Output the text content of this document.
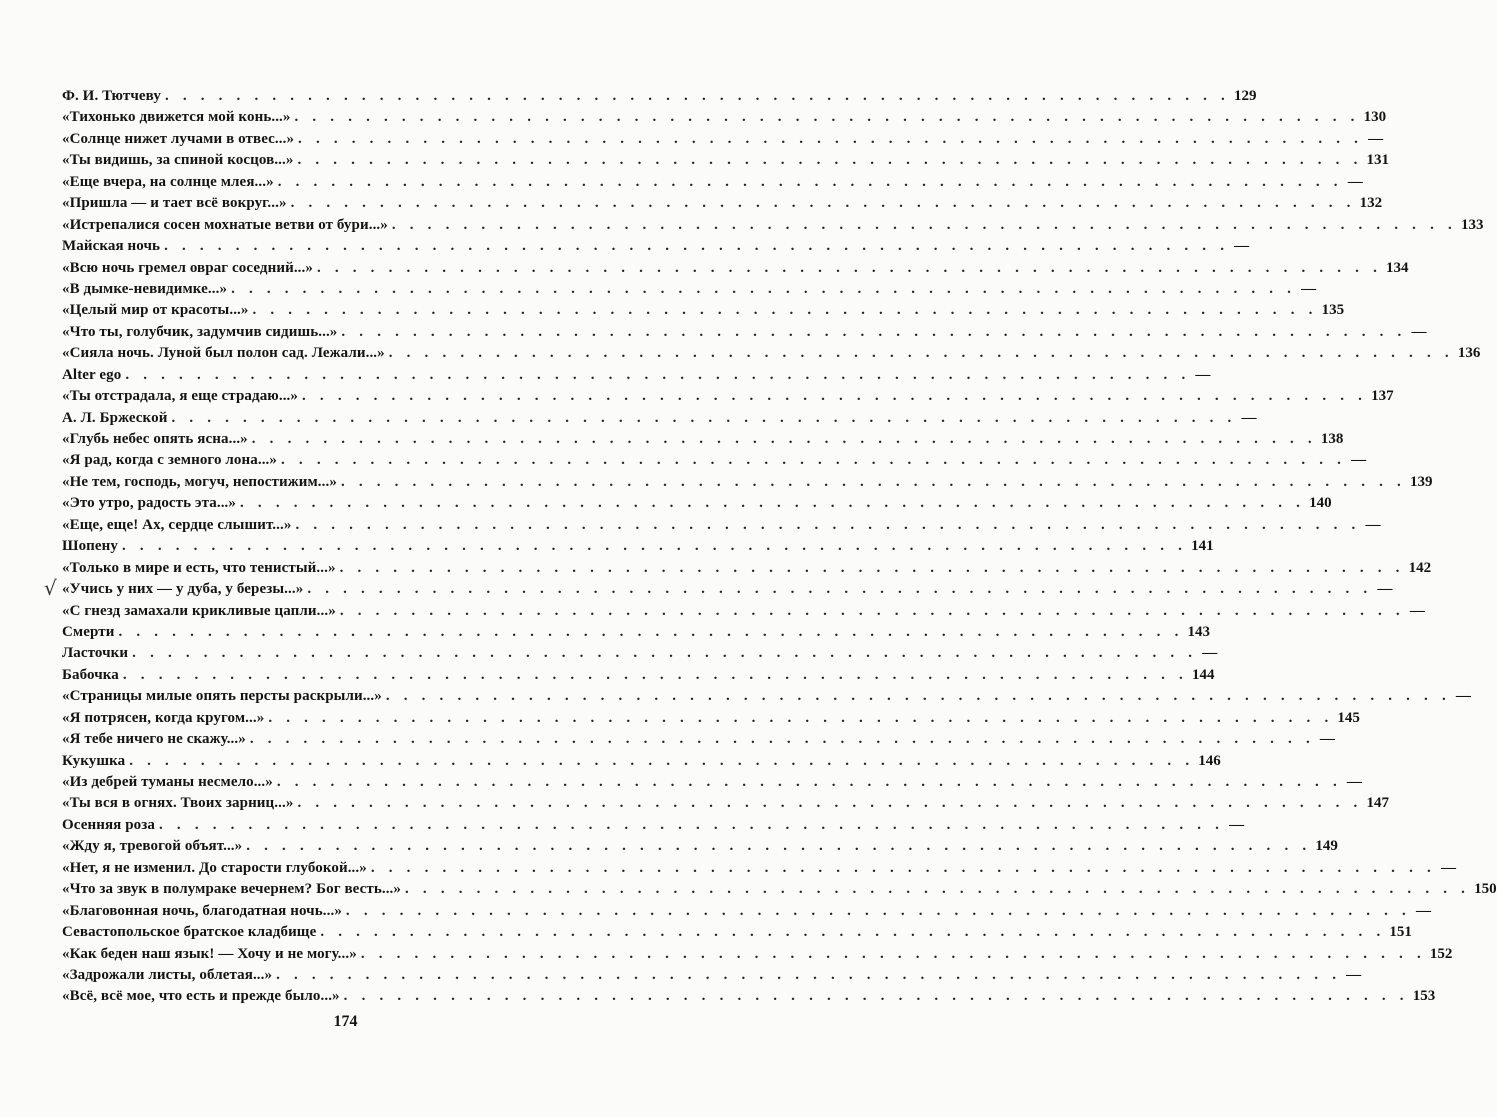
Ф. И. Тютчеву . . . . . . . . . . . . . . . . . . . . . . . . . . . . . . . . . . . . . . . . . . . . . . . . . . . . . . . . . . . . 129
«Тихонько движется мой конь...» . . . . . . . . . . . . . . . . . . . . . . . . . . . . . . . . . . . . . . . . . . . . . . . . . . . . . . . . . . . . 130
«Солнце нижет лучами в отвес...» . . . . . . . . . . . . . . . . . . . . . . . . . . . . . . . . . . . . . . . . . . . . . . . . . . . . . . . . . . . . —
«Ты видишь, за спиной косцов...» . . . . . . . . . . . . . . . . . . . . . . . . . . . . . . . . . . . . . . . . . . . . . . . . . . . . . . . . . . . . 131
«Еще вчера, на солнце млея...» . . . . . . . . . . . . . . . . . . . . . . . . . . . . . . . . . . . . . . . . . . . . . . . . . . . . . . . . . . . . —
«Пришла — и тает всё вокруг...» . . . . . . . . . . . . . . . . . . . . . . . . . . . . . . . . . . . . . . . . . . . . . . . . . . . . . . . . . . . . 132
«Истрепалися сосен мохнатые ветви от бури...» . . . . . . . . . . . . . . . . . . . . . . . . . . . . . . . . . . . . . . . . . . . . . . . . . . . . . . . . . . . . 133
Майская ночь . . . . . . . . . . . . . . . . . . . . . . . . . . . . . . . . . . . . . . . . . . . . . . . . . . . . . . . . . . . . —
«Всю ночь гремел овраг соседний...» . . . . . . . . . . . . . . . . . . . . . . . . . . . . . . . . . . . . . . . . . . . . . . . . . . . . . . . . . . . . 134
«В дымке-невидимке...» . . . . . . . . . . . . . . . . . . . . . . . . . . . . . . . . . . . . . . . . . . . . . . . . . . . . . . . . . . . . —
«Целый мир от красоты...» . . . . . . . . . . . . . . . . . . . . . . . . . . . . . . . . . . . . . . . . . . . . . . . . . . . . . . . . . . . . 135
«Что ты, голубчик, задумчив сидишь...» . . . . . . . . . . . . . . . . . . . . . . . . . . . . . . . . . . . . . . . . . . . . . . . . . . . . . . . . . . . . —
«Сияла ночь. Луной был полон сад. Лежали...» . . . . . . . . . . . . . . . . . . . . . . . . . . . . . . . . . . . . . . . . . . . . . . . . . . . . . . . . . . . . 136
Alter ego . . . . . . . . . . . . . . . . . . . . . . . . . . . . . . . . . . . . . . . . . . . . . . . . . . . . . . . . . . . . —
«Ты отстрадала, я еще страдаю...» . . . . . . . . . . . . . . . . . . . . . . . . . . . . . . . . . . . . . . . . . . . . . . . . . . . . . . . . . . . . 137
А. Л. Бржеской . . . . . . . . . . . . . . . . . . . . . . . . . . . . . . . . . . . . . . . . . . . . . . . . . . . . . . . . . . . . —
«Глубь небес опять ясна...» . . . . . . . . . . . . . . . . . . . . . . . . . . . . . . . . . . . . . . . . . . . . . . . . . . . . . . . . . . . . 138
«Я рад, когда с земного лона...» . . . . . . . . . . . . . . . . . . . . . . . . . . . . . . . . . . . . . . . . . . . . . . . . . . . . . . . . . . . . —
«Не тем, господь, могуч, непостижим...» . . . . . . . . . . . . . . . . . . . . . . . . . . . . . . . . . . . . . . . . . . . . . . . . . . . . . . . . . . . . 139
«Это утро, радость эта...» . . . . . . . . . . . . . . . . . . . . . . . . . . . . . . . . . . . . . . . . . . . . . . . . . . . . . . . . . . . . 140
«Еще, еще! Ах, сердце слышит...» . . . . . . . . . . . . . . . . . . . . . . . . . . . . . . . . . . . . . . . . . . . . . . . . . . . . . . . . . . . . —
Шопену . . . . . . . . . . . . . . . . . . . . . . . . . . . . . . . . . . . . . . . . . . . . . . . . . . . . . . . . . . . . 141
«Только в мире и есть, что тенистый...» . . . . . . . . . . . . . . . . . . . . . . . . . . . . . . . . . . . . . . . . . . . . . . . . . . . . . . . . . . . . 142
«Учись у них — у дуба, у березы...» . . . . . . . . . . . . . . . . . . . . . . . . . . . . . . . . . . . . . . . . . . . . . . . . . . . . . . . . . . . . —
«С гнезд замахали крикливые цапли...» . . . . . . . . . . . . . . . . . . . . . . . . . . . . . . . . . . . . . . . . . . . . . . . . . . . . . . . . . . . . —
Смерти . . . . . . . . . . . . . . . . . . . . . . . . . . . . . . . . . . . . . . . . . . . . . . . . . . . . . . . . . . . . 143
Ласточки . . . . . . . . . . . . . . . . . . . . . . . . . . . . . . . . . . . . . . . . . . . . . . . . . . . . . . . . . . . . —
Бабочка . . . . . . . . . . . . . . . . . . . . . . . . . . . . . . . . . . . . . . . . . . . . . . . . . . . . . . . . . . . . 144
«Страницы милые опять персты раскрыли...» . . . . . . . . . . . . . . . . . . . . . . . . . . . . . . . . . . . . . . . . . . . . . . . . . . . . . . . . . . . . —
«Я потрясен, когда кругом...» . . . . . . . . . . . . . . . . . . . . . . . . . . . . . . . . . . . . . . . . . . . . . . . . . . . . . . . . . . . . 145
«Я тебе ничего не скажу...» . . . . . . . . . . . . . . . . . . . . . . . . . . . . . . . . . . . . . . . . . . . . . . . . . . . . . . . . . . . . —
Кукушка . . . . . . . . . . . . . . . . . . . . . . . . . . . . . . . . . . . . . . . . . . . . . . . . . . . . . . . . . . . . 146
«Из дебрей туманы несмело...» . . . . . . . . . . . . . . . . . . . . . . . . . . . . . . . . . . . . . . . . . . . . . . . . . . . . . . . . . . . . —
«Ты вся в огнях. Твоих зарниц...» . . . . . . . . . . . . . . . . . . . . . . . . . . . . . . . . . . . . . . . . . . . . . . . . . . . . . . . . . . . . 147
Осенняя роза . . . . . . . . . . . . . . . . . . . . . . . . . . . . . . . . . . . . . . . . . . . . . . . . . . . . . . . . . . . . —
«Жду я, тревогой объят...» . . . . . . . . . . . . . . . . . . . . . . . . . . . . . . . . . . . . . . . . . . . . . . . . . . . . . . . . . . . . 149
«Нет, я не изменил. До старости глубокой...» . . . . . . . . . . . . . . . . . . . . . . . . . . . . . . . . . . . . . . . . . . . . . . . . . . . . . . . . . . . . —
«Что за звук в полумраке вечернем? Бог весть...» . . . . . . . . . . . . . . . . . . . . . . . . . . . . . . . . . . . . . . . . . . . . . . . . . . . . . . . . . . . . 150
«Благовонная ночь, благодатная ночь...» . . . . . . . . . . . . . . . . . . . . . . . . . . . . . . . . . . . . . . . . . . . . . . . . . . . . . . . . . . . . —
Севастопольское братское кладбище . . . . . . . . . . . . . . . . . . . . . . . . . . . . . . . . . . . . . . . . . . . . . . . . . . . . . . . . . . . . 151
«Как беден наш язык! — Хочу и не могу...» . . . . . . . . . . . . . . . . . . . . . . . . . . . . . . . . . . . . . . . . . . . . . . . . . . . . . . . . . . . . 152
«Задрожали листы, облетая...» . . . . . . . . . . . . . . . . . . . . . . . . . . . . . . . . . . . . . . . . . . . . . . . . . . . . . . . . . . . . —
«Всё, всё мое, что есть и прежде было...» . . . . . . . . . . . . . . . . . . . . . . . . . . . . . . . . . . . . . . . . . . . . . . . . . . . . . . . . . . . . 153
√
174
